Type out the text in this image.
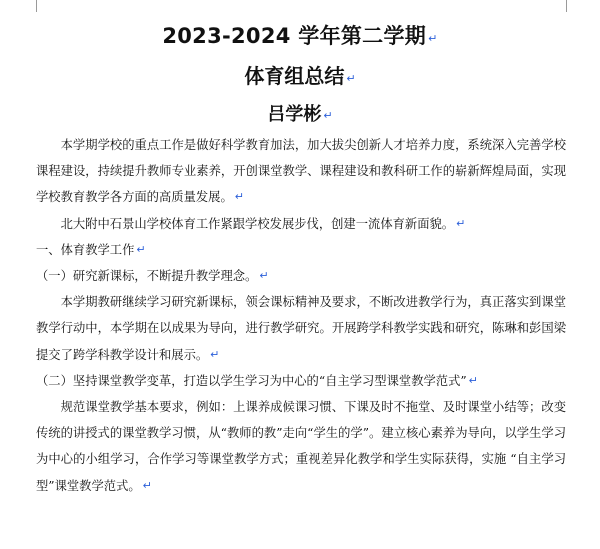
2023-2024 学年第二学期 ↵
体育组总结 ↵
吕学彬 ↵

本学期学校的重点工作是做好科学教育加法，加大拔尖创新人才培养力度，系统深入完善学校课程建设，持续提升教师专业素养，开创课堂教学、课程建设和教科研工作的崭新辉煌局面，实现学校教育教学各方面的高质量发展。 ↵

北大附中石景山学校体育工作紧跟学校发展步伐，创建一流体育新面貌。 ↵

一、体育教学工作 ↵

（一）研究新课标，不断提升教学理念。 ↵

本学期教研继续学习研究新课标，领会课标精神及要求，不断改进教学行为，真正落实到课堂教学行动中，本学期在以成果为导向，进行教学研究。开展跨学科教学实践和研究，陈琳和彭国梁提交了跨学科教学设计和展示。 ↵

（二）坚持课堂教学变革，打造以学生学习为中心的“自主学习型课堂教学范式” ↵

规范课堂教学基本要求，例如：上课养成候课习惯、下课及时不拖堂、及时课堂小结等；改变传统的讲授式的课堂教学习惯，从“教师的教”走向“学生的学”。建立核心素养为导向，以学生学习为中心的小组学习，合作学习等课堂教学方式；重视差异化教学和学生实际获得，实施 “自主学习型”课堂教学范式。 ↵
